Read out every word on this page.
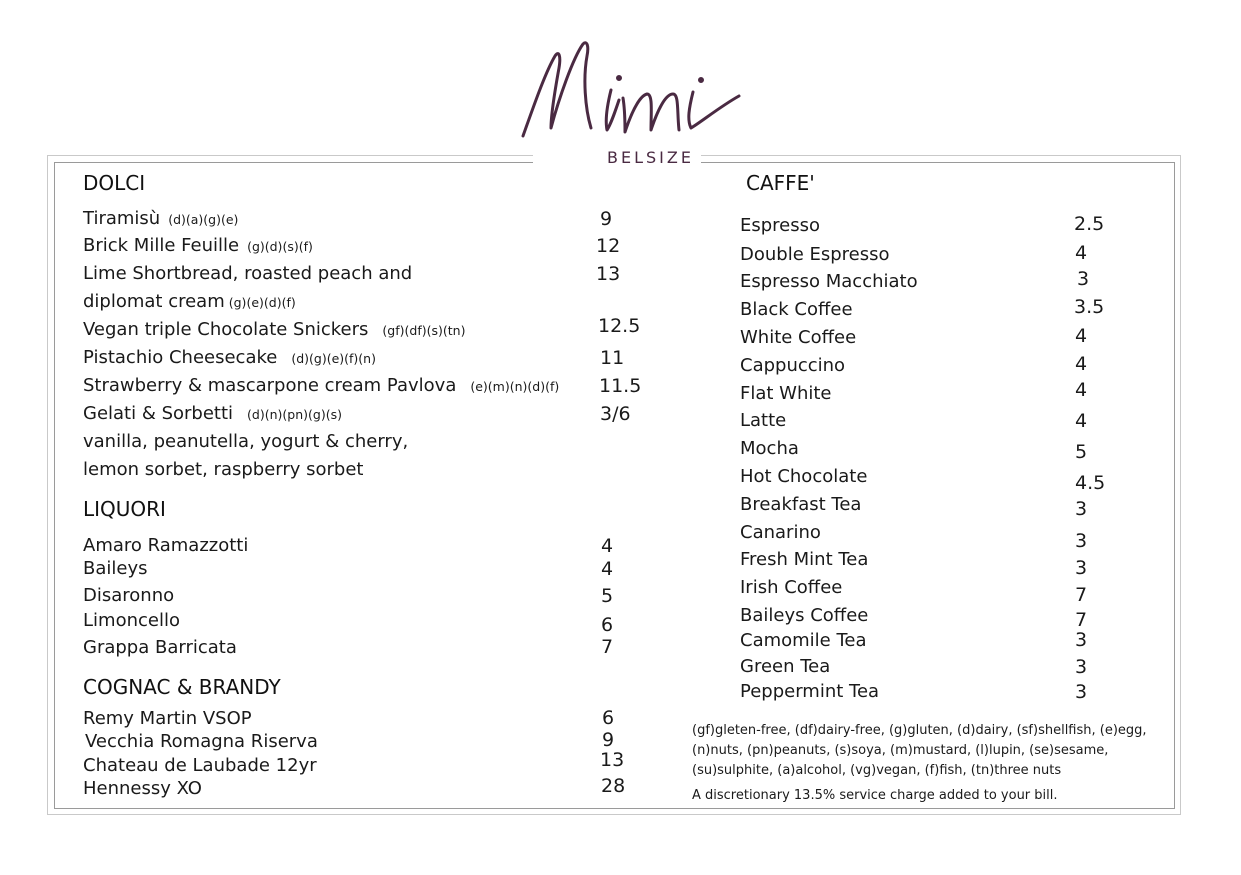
BELSIZE
DOLCI
Tiramisù (d)(a)(g)(e)	9
Brick Mille Feuille (g)(d)(s)(f)	12
Lime Shortbread, roasted peach and	13
diplomat cream (g)(e)(d)(f)
Vegan triple Chocolate Snickers (gf)(df)(s)(tn)	12.5
Pistachio Cheesecake (d)(g)(e)(f)(n)	11
Strawberry & mascarpone cream Pavlova (e)(m)(n)(d)(f) 11.5
Gelati & Sorbetti (d)(n)(pn)(g)(s)	3/6
vanilla, peanutella, yogurt & cherry,
lemon sorbet, raspberry sorbet
LIQUORI
Amaro Ramazzotti	4
Baileys	4
Disaronno	5
Limoncello	6
Grappa Barricata	7
COGNAC & BRANDY
Remy Martin VSOP	6
Vecchia Romagna Riserva	9
Chateau de Laubade 12yr	13
Hennessy XO	28
CAFFE'
Espresso	2.5
Double Espresso	4
Espresso Macchiato	3
Black Coffee	3.5
White Coffee	4
Cappuccino	4
Flat White	4
Latte	4
Mocha	5
Hot Chocolate	4.5
Breakfast Tea	3
Canarino	3
Fresh Mint Tea	3
Irish Coffee	7
Baileys Coffee	7
Camomile Tea	3
Green Tea	3
Peppermint Tea	3
(gf)gleten-free, (df)dairy-free, (g)gluten, (d)dairy, (sf)shellfish, (e)egg,
(n)nuts, (pn)peanuts, (s)soya, (m)mustard, (l)lupin, (se)sesame,
(su)sulphite, (a)alcohol, (vg)vegan, (f)fish, (tn)three nuts
A discretionary 13.5% service charge added to your bill.
